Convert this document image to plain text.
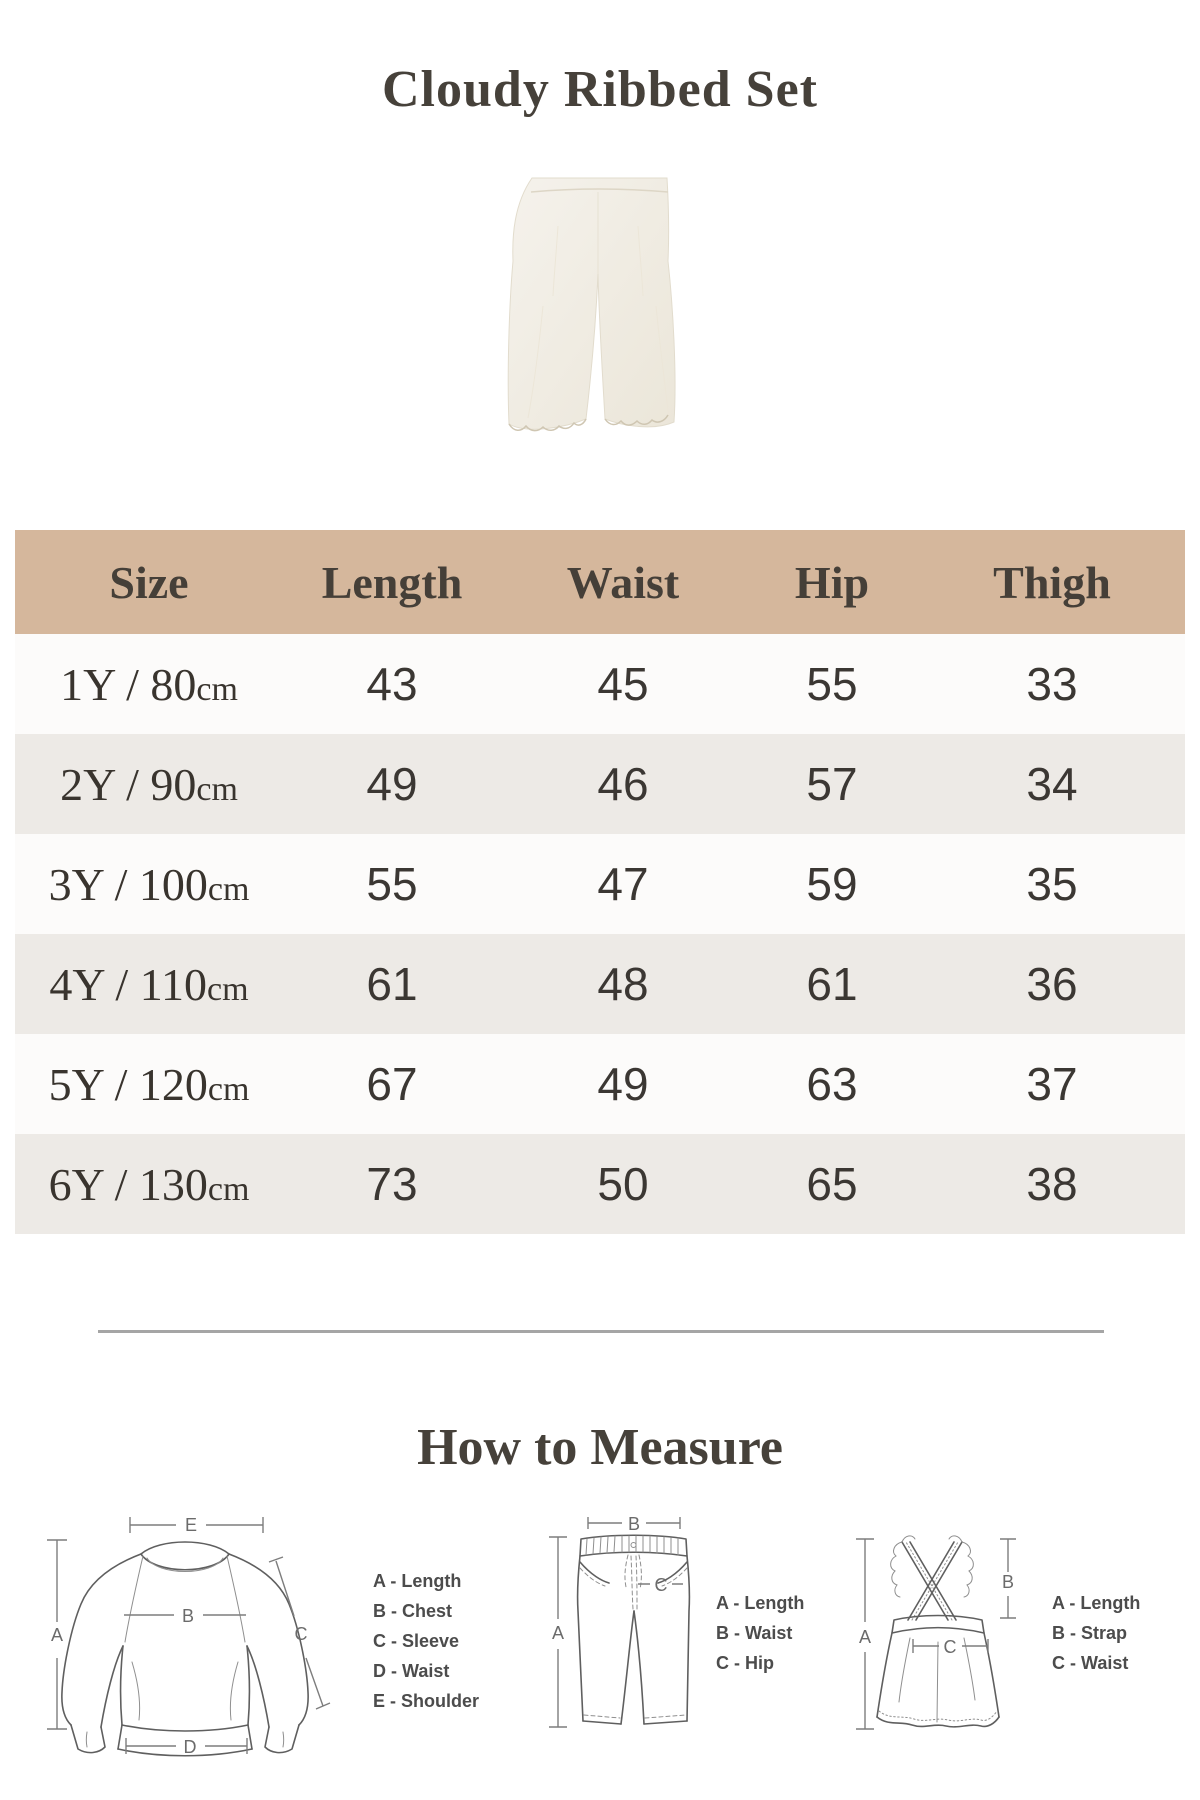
Cloudy Ribbed Set
Size	Length	Waist	Hip	Thigh
1Y / 80cm	43	45	55	33
2Y / 90cm	49	46	57	34
3Y / 100cm	55	47	59	35
4Y / 110cm	61	48	61	36
5Y / 120cm	67	49	63	37
6Y / 130cm	73	50	65	38
How to Measure
E
A
B
C
D
A - Length
B - Chest
C - Sleeve
D - Waist
E - Shoulder
B
A
C
A - Length
B - Waist
C - Hip
A
B
C
A - Length
B - Strap
C - Waist
